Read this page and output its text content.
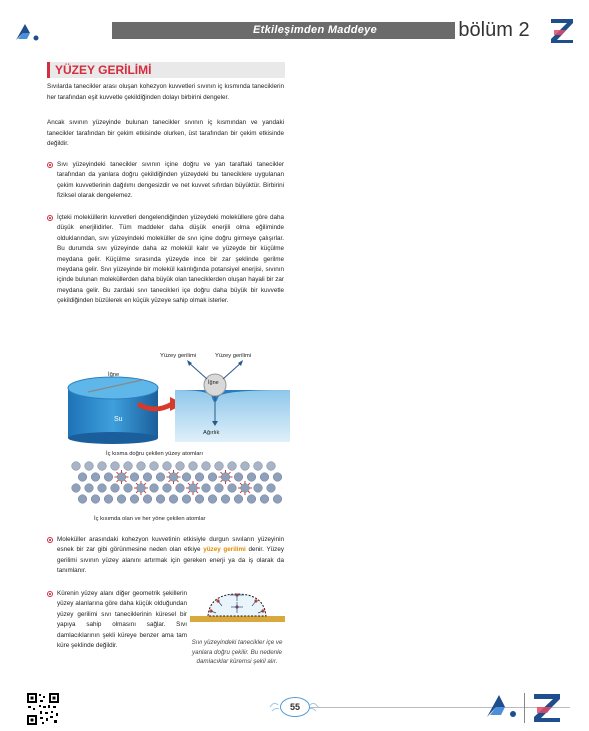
Etkileşimden Maddeye	bölüm 2
YÜZEY GERİLİMİ
Sıvılarda tanecikler arası oluşan kohezyon kuvvetleri sıvının iç kısmında taneciklerin her tarafından eşit kuvvetle çekildiğinden dolayı birbirini dengeler.
Ancak sıvının yüzeyinde bulunan tanecikler sıvının iç kısmından ve yandaki tanecikler tarafından bir çekim etkisinde olurken, üst tarafından bir çekim etkisinde değildir.
Sıvı yüzeyindeki tanecikler sıvının içine doğru ve yan taraftaki tanecikler tarafından da yanlara doğru çekildiğinden yüzeydeki bu taneciklere uygulanan çekim kuvvetlerinin dağılımı dengesizdir ve net kuvvet sıfırdan büyüktür. Birbirini fiziksel olarak dengelemez.
İçteki moleküllerin kuvvetleri dengelendiğinden yüzeydeki moleküllere göre daha düşük enerjilidirler. Tüm maddeler daha düşük enerjili olma eğiliminde olduklarından, sıvı yüzeyindeki moleküller de sıvı içine doğru girmeye çalışırlar. Bu durumda sıvı yüzeyinde daha az molekül kalır ve yüzeyde bir küçülme meydana gelir. Küçülme sırasında yüzeyde ince bir zar şeklinde gerilme meydana gelir. Sıvı yüzeyinde bir molekül kalınlığında potansiyel enerjisi, sıvının içinde bulunan moleküllerden daha büyük olan taneciklerden oluşan hayali bir zar meydana gelir. Bu zardaki sıvı tanecikleri içe doğru daha büyük bir kuvvetle çekildiğinden büzülerek en küçük yüzeye sahip olmak isterler.
İğne
Su
İğne
Yüzey gerilimi	Yüzey gerilimi
Ağırlık
İç kısma doğru çekilen yüzey atomları
İç kısımda olan ve her yöne çekilen atomlar
Moleküller arasındaki kohezyon kuvvetinin etkisiyle durgun sıvıların yüzeyinin esnek bir zar gibi görünmesine neden olan etkiye yüzey gerilimi denir. Yüzey gerilimi sıvının yüzey alanını artırmak için gereken enerji ya da iş olarak da tanımlanır.
Kürenin yüzey alanı diğer geometrik şekillerin yüzey alanlarına göre daha küçük olduğundan yüzey gerilimi sıvı taneciklerinin küresel bir yapıya sahip olmasını sağlar. Sıvı damlacıklarının şekli küreye benzer ama tam küre şeklinde değildir.	Sıvı yüzeyindeki tanecikler içe ve yanlara doğru çekilir. Bu nedenle damlacıklar küremsi şekil alır.
55
